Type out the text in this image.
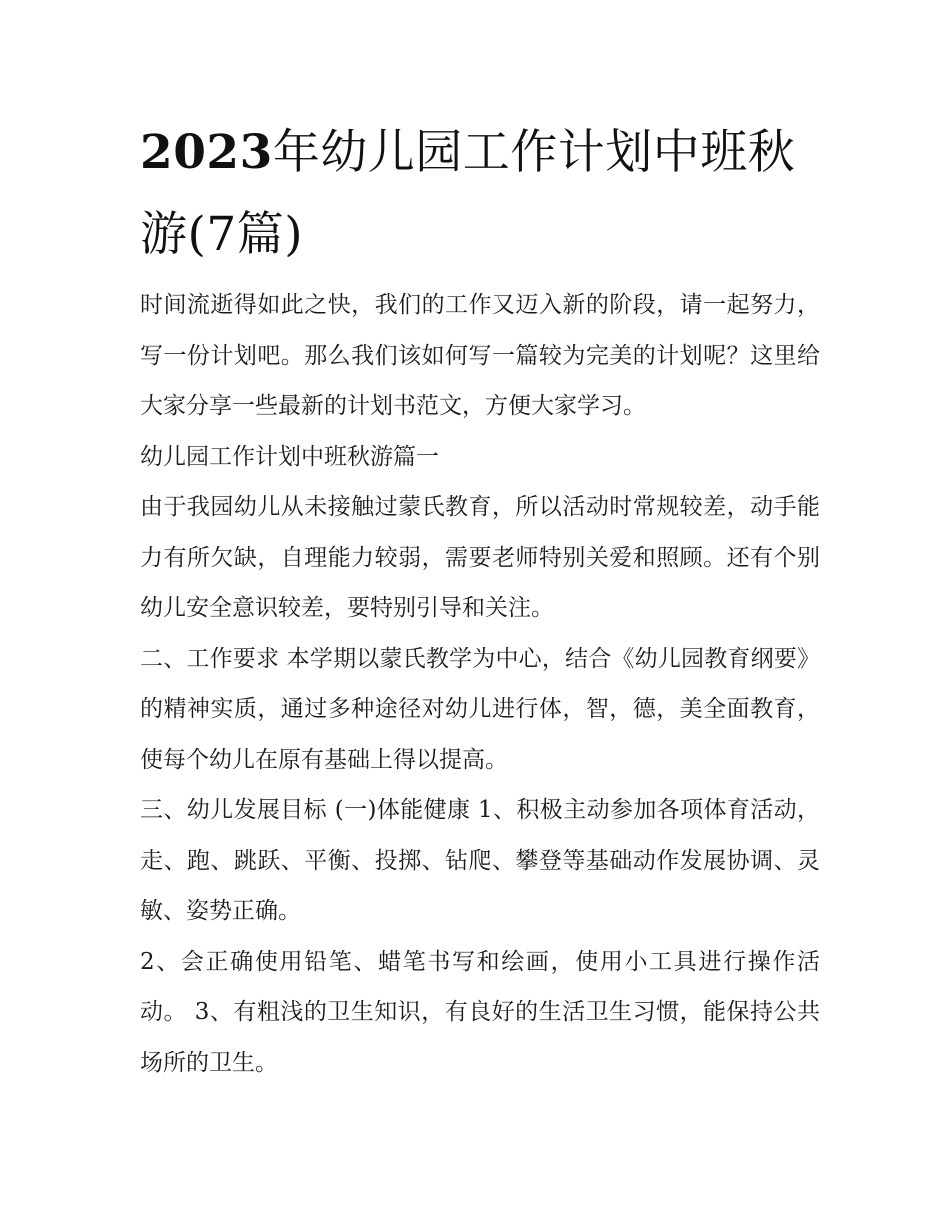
2023年幼儿园工作计划中班秋游(7篇)

时间流逝得如此之快，我们的工作又迈入新的阶段，请一起努力，写一份计划吧。那么我们该如何写一篇较为完美的计划呢？这里给大家分享一些最新的计划书范文，方便大家学习。

幼儿园工作计划中班秋游篇一

由于我园幼儿从未接触过蒙氏教育，所以活动时常规较差，动手能力有所欠缺，自理能力较弱，需要老师特别关爱和照顾。还有个别幼儿安全意识较差，要特别引导和关注。

二、工作要求 本学期以蒙氏教学为中心，结合《幼儿园教育纲要》的精神实质，通过多种途径对幼儿进行体，智，德，美全面教育，使每个幼儿在原有基础上得以提高。

三、幼儿发展目标 (一)体能健康 1、积极主动参加各项体育活动，走、跑、跳跃、平衡、投掷、钻爬、攀登等基础动作发展协调、灵敏、姿势正确。

2、会正确使用铅笔、蜡笔书写和绘画，使用小工具进行操作活动。 3、有粗浅的卫生知识，有良好的生活卫生习惯，能保持公共场所的卫生。
